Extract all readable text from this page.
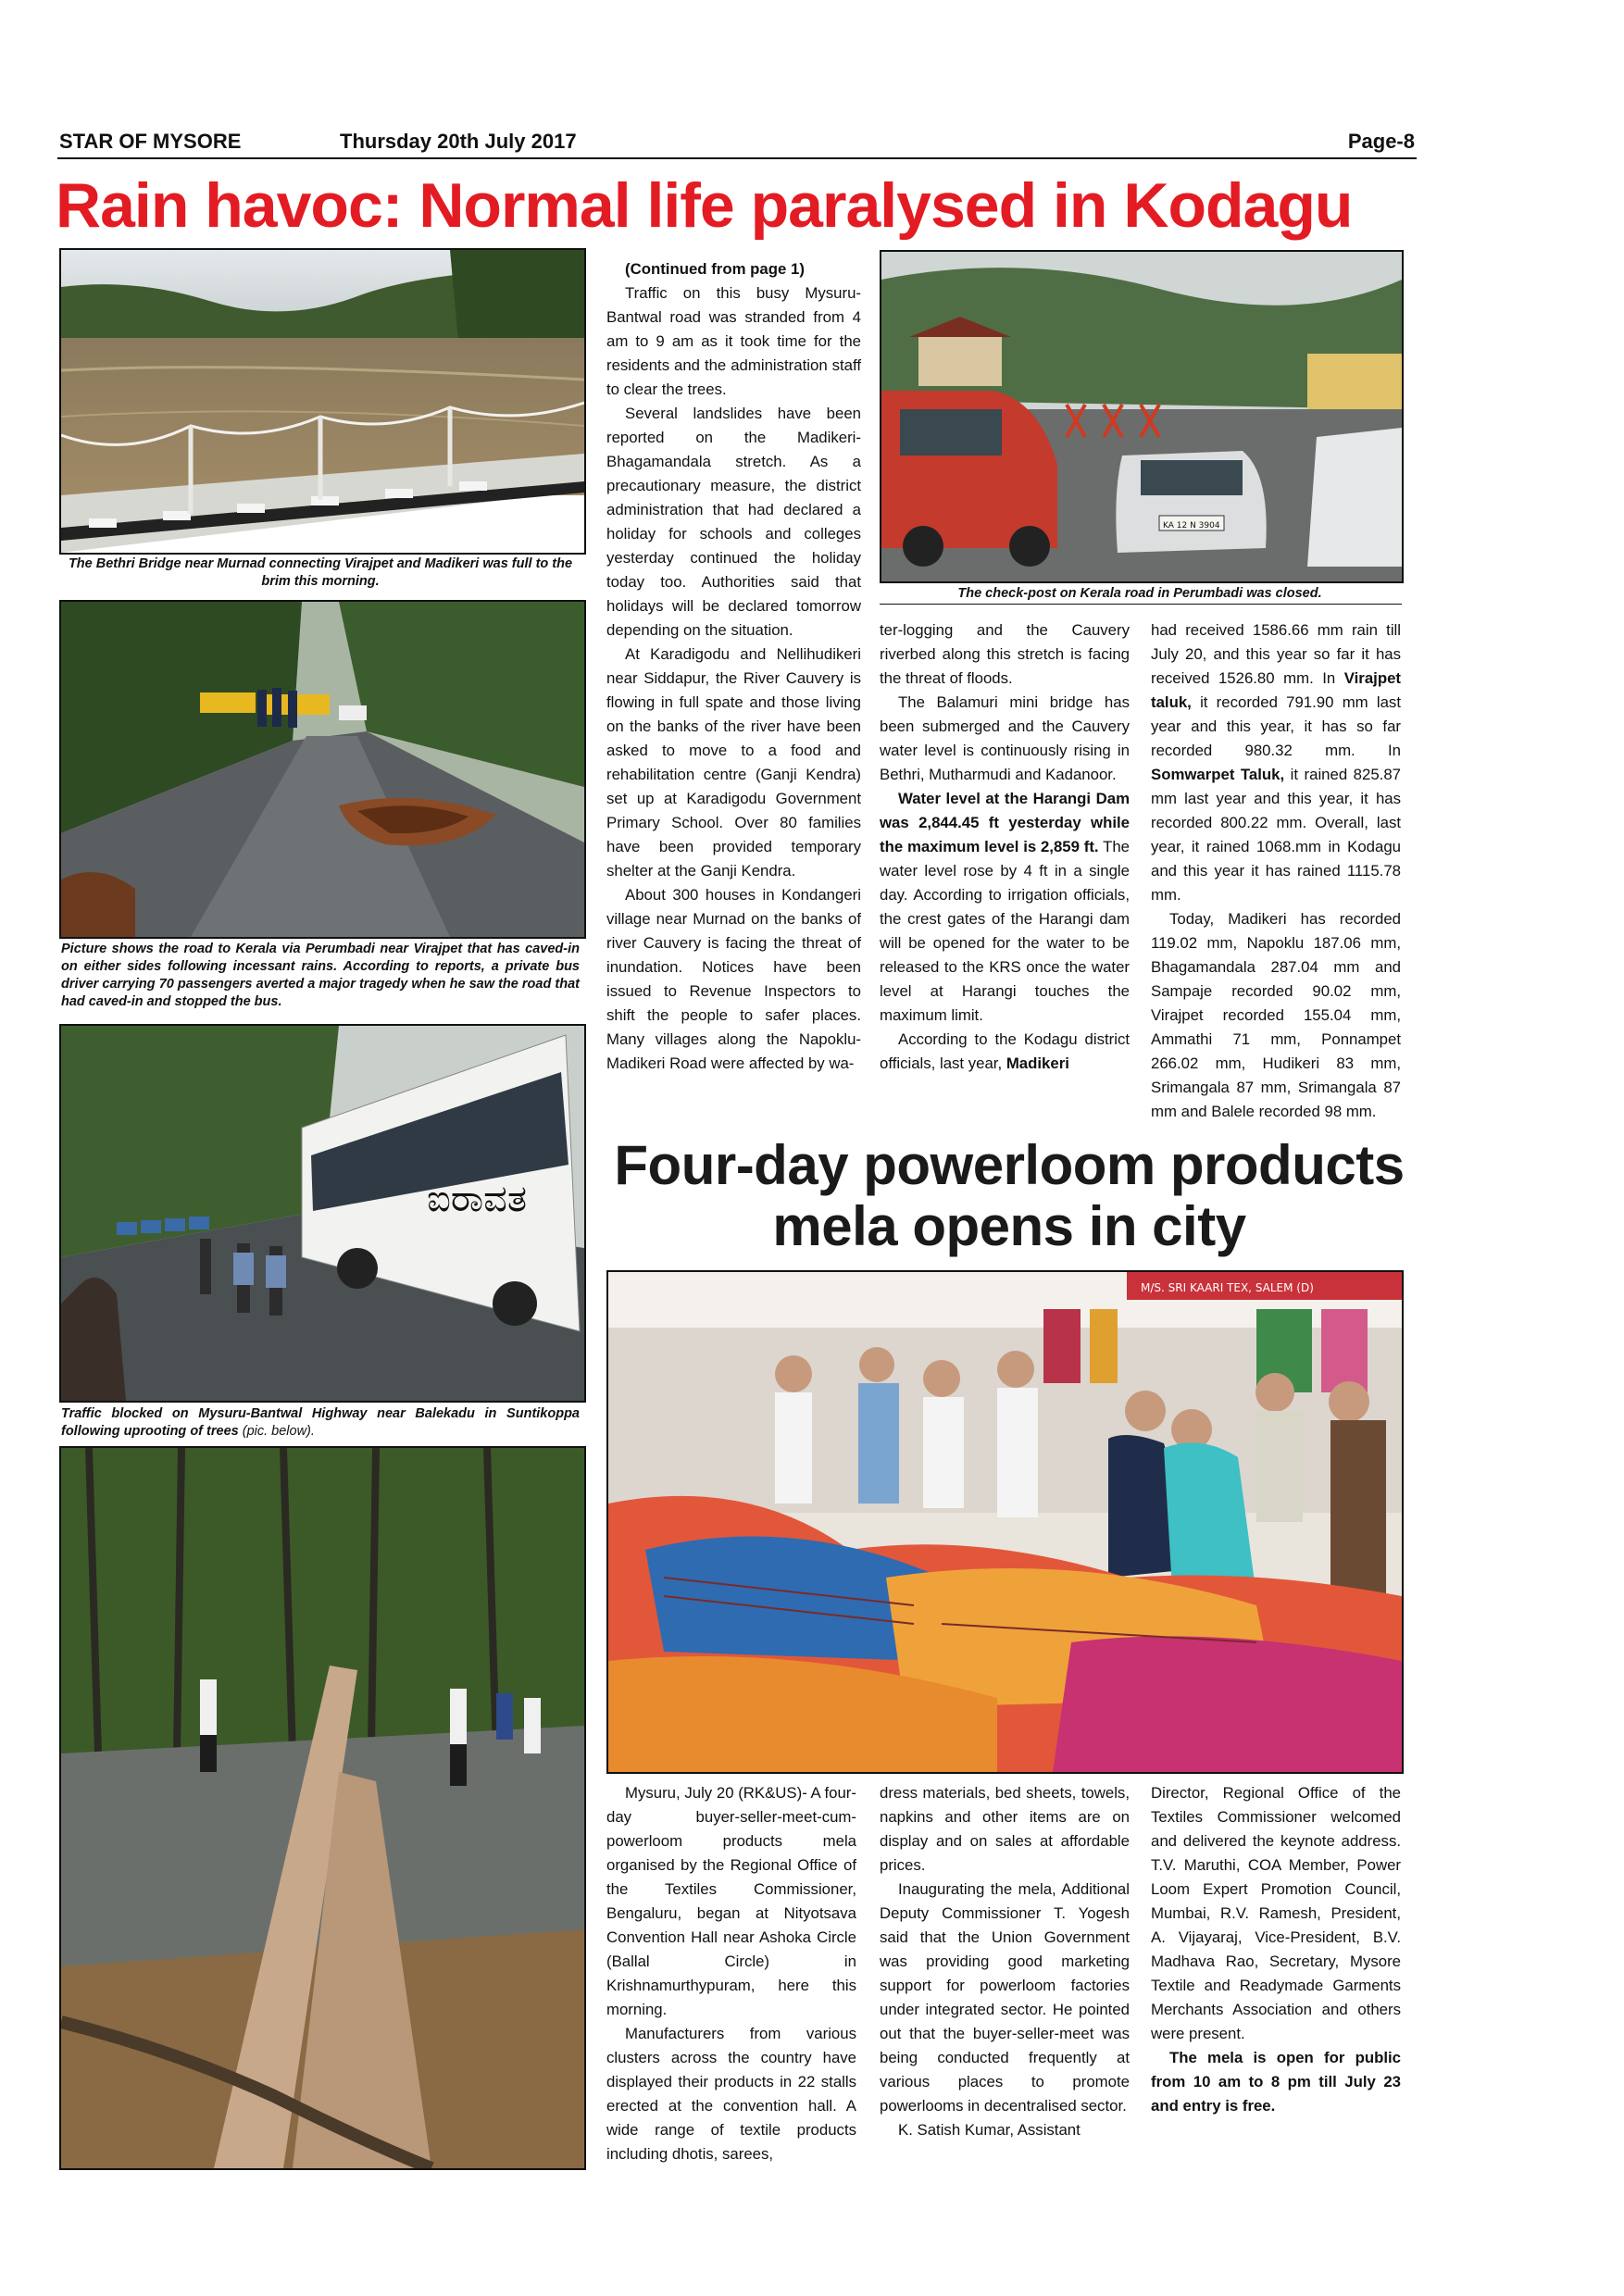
STAR OF MYSORE	Thursday 20th July 2017	Page-8
Rain havoc: Normal life paralysed in Kodagu
The Bethri Bridge near Murnad connecting Virajpet and Madikeri was full to the brim this morning.
Picture shows the road to Kerala via Perumbadi near Virajpet that has caved-in on either sides following incessant rains. According to reports, a private bus driver carrying 70 passengers averted a major tragedy when he saw the road that had caved-in and stopped the bus.
ಐರಾವತ
Traffic blocked on Mysuru-Bantwal Highway near Balekadu in Suntikoppa following uprooting of trees (pic. below).

(Continued from page 1)

Traffic on this busy Mysuru-Bantwal road was stranded from 4 am to 9 am as it took time for the residents and the administration staff to clear the trees.

Several landslides have been reported on the Madikeri-Bhagamandala stretch. As a precautionary measure, the district administration that had declared a holiday for schools and colleges yesterday continued the holiday today too. Authorities said that holidays will be declared tomorrow depending on the situation.

At Karadigodu and Nellihudikeri near Siddapur, the River Cauvery is flowing in full spate and those living on the banks of the river have been asked to move to a food and rehabilitation centre (Ganji Kendra) set up at Karadigodu Government Primary School. Over 80 families have been provided temporary shelter at the Ganji Kendra.

About 300 houses in Kondangeri village near Murnad on the banks of river Cauvery is facing the threat of inundation. Notices have been issued to Revenue Inspectors to shift the people to safer places. Many villages along the Napoklu-Madikeri Road were affected by wa-

KA 12 N 3904
The check-post on Kerala road in Perumbadi was closed.

ter-logging and the Cauvery riverbed along this stretch is facing the threat of floods.

The Balamuri mini bridge has been submerged and the Cauvery water level is continuously rising in Bethri, Mutharmudi and Kadanoor.

Water level at the Harangi Dam was 2,844.45 ft yesterday while the maximum level is 2,859 ft. The water level rose by 4 ft in a single day. According to irrigation officials, the crest gates of the Harangi dam will be opened for the water to be released to the KRS once the water level at Harangi touches the maximum limit.

According to the Kodagu district officials, last year, Madikeri

had received 1586.66 mm rain till July 20, and this year so far it has received 1526.80 mm. In Virajpet taluk, it recorded 791.90 mm last year and this year, it has so far recorded 980.32 mm. In Somwarpet Taluk, it rained 825.87 mm last year and this year, it has recorded 800.22 mm. Overall, last year, it rained 1068.mm in Kodagu and this year it has rained 1115.78 mm.

Today, Madikeri has recorded 119.02 mm, Napoklu 187.06 mm, Bhagamandala 287.04 mm and Sampaje recorded 90.02 mm, Virajpet recorded 155.04 mm, Ammathi 71 mm, Ponnampet 266.02 mm, Hudikeri 83 mm, Srimangala 87 mm, Srimangala 87 mm and Balele recorded 98 mm.

Four-day powerloom products
mela opens in city
M/S. SRI KAARI TEX, SALEM (D)

Mysuru, July 20 (RK&US)- A four-day buyer-seller-meet-cum-powerloom products mela organised by the Regional Office of the Textiles Commissioner, Bengaluru, began at Nityotsava Convention Hall near Ashoka Circle (Ballal Circle) in Krishnamurthypuram, here this morning.

Manufacturers from various clusters across the country have displayed their products in 22 stalls erected at the convention hall. A wide range of textile products including dhotis, sarees,

dress materials, bed sheets, towels, napkins and other items are on display and on sales at affordable prices.

Inaugurating the mela, Additional Deputy Commissioner T. Yogesh said that the Union Government was providing good marketing support for powerloom factories under integrated sector. He pointed out that the buyer-seller-meet was being conducted frequently at various places to promote powerlooms in decentralised sector.

K. Satish Kumar, Assistant

Director, Regional Office of the Textiles Commissioner welcomed and delivered the keynote address. T.V. Maruthi, COA Member, Power Loom Expert Promotion Council, Mumbai, R.V. Ramesh, President, A. Vijayaraj, Vice-President, B.V. Madhava Rao, Secretary, Mysore Textile and Readymade Garments Merchants Association and others were present.

The mela is open for public from 10 am to 8 pm till July 23 and entry is free.
